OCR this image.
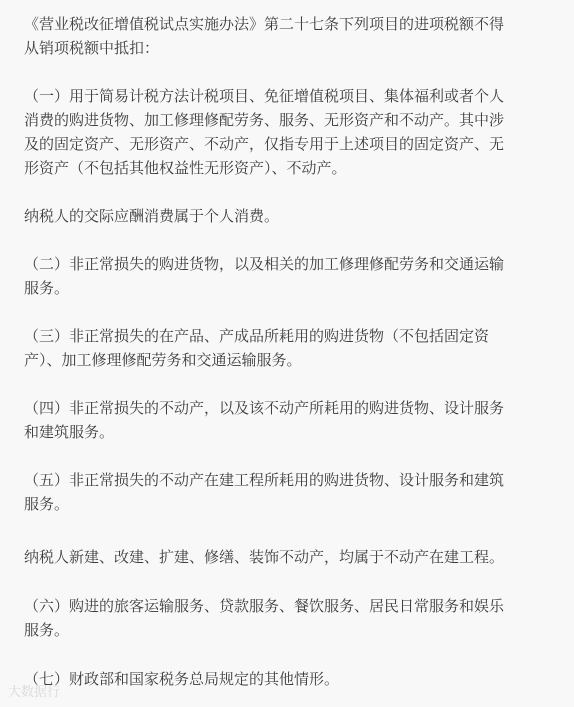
《营业税改征增值税试点实施办法》第二十七条下列项目的进项税额不得
从销项税额中抵扣：
（一）用于简易计税方法计税项目、免征增值税项目、集体福利或者个人
消费的购进货物、加工修理修配劳务、服务、无形资产和不动产。其中涉
及的固定资产、无形资产、不动产，仅指专用于上述项目的固定资产、无
形资产（不包括其他权益性无形资产）、不动产。
纳税人的交际应酬消费属于个人消费。
（二）非正常损失的购进货物，以及相关的加工修理修配劳务和交通运输
服务。
（三）非正常损失的在产品、产成品所耗用的购进货物（不包括固定资
产）、加工修理修配劳务和交通运输服务。
（四）非正常损失的不动产，以及该不动产所耗用的购进货物、设计服务
和建筑服务。
（五）非正常损失的不动产在建工程所耗用的购进货物、设计服务和建筑
服务。
纳税人新建、改建、扩建、修缮、装饰不动产，均属于不动产在建工程。
（六）购进的旅客运输服务、贷款服务、餐饮服务、居民日常服务和娱乐
服务。
（七）财政部和国家税务总局规定的其他情形。
大数据行
